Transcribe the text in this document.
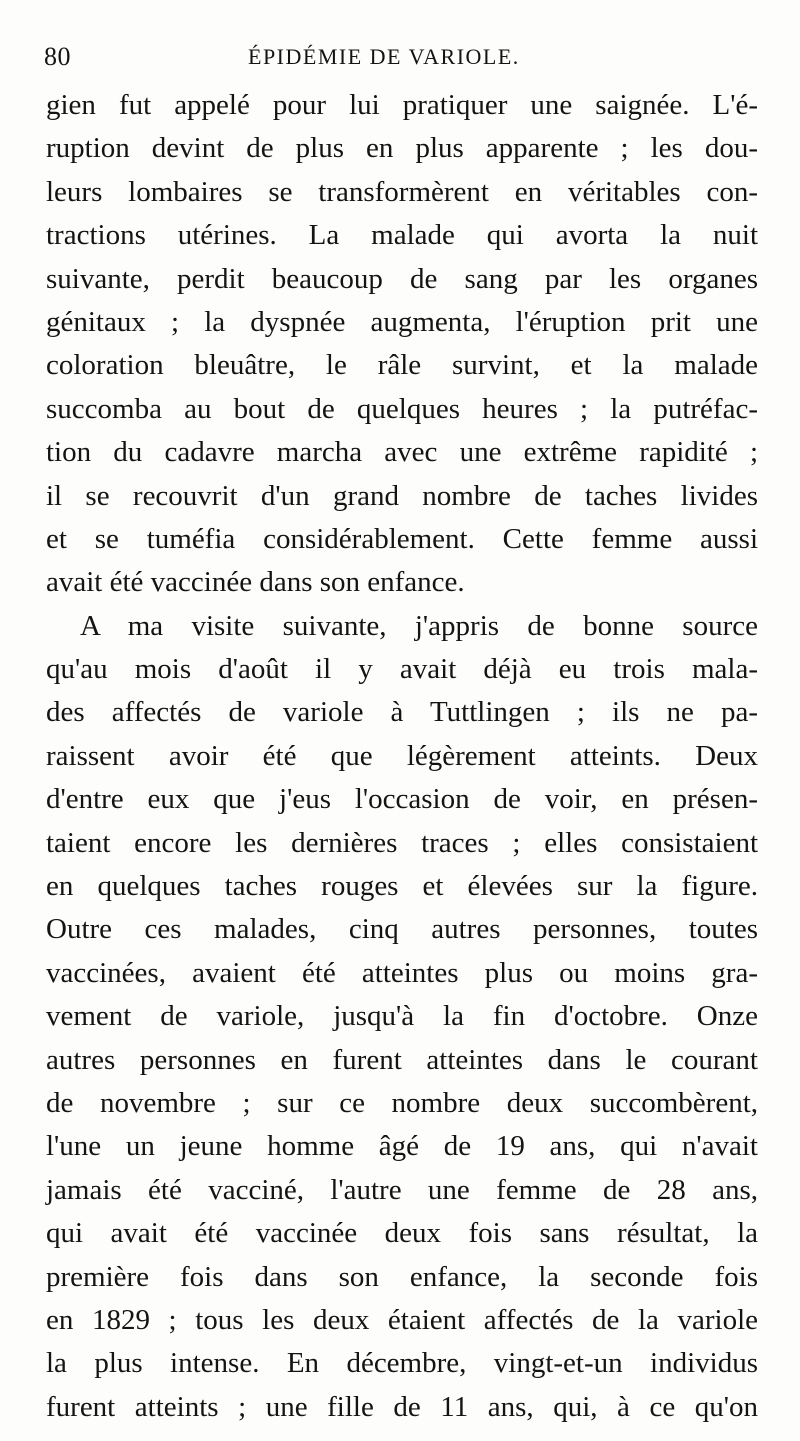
80	ÉPIDÉMIE DE VARIOLE.
gien fut appelé pour lui pratiquer une saignée. L'é-
ruption devint de plus en plus apparente ; les dou-
leurs lombaires se transformèrent en véritables con-
tractions utérines. La malade qui avorta la nuit
suivante, perdit beaucoup de sang par les organes
génitaux ; la dyspnée augmenta, l'éruption prit une
coloration bleuâtre, le râle survint, et la malade
succomba au bout de quelques heures ; la putréfac-
tion du cadavre marcha avec une extrême rapidité ;
il se recouvrit d'un grand nombre de taches livides
et se tuméfia considérablement. Cette femme aussi
avait été vaccinée dans son enfance.
A ma visite suivante, j'appris de bonne source
qu'au mois d'août il y avait déjà eu trois mala-
des affectés de variole à Tuttlingen ; ils ne pa-
raissent avoir été que légèrement atteints. Deux
d'entre eux que j'eus l'occasion de voir, en présen-
taient encore les dernières traces ; elles consistaient
en quelques taches rouges et élevées sur la figure.
Outre ces malades, cinq autres personnes, toutes
vaccinées, avaient été atteintes plus ou moins gra-
vement de variole, jusqu'à la fin d'octobre. Onze
autres personnes en furent atteintes dans le courant
de novembre ; sur ce nombre deux succombèrent,
l'une un jeune homme âgé de 19 ans, qui n'avait
jamais été vacciné, l'autre une femme de 28 ans,
qui avait été vaccinée deux fois sans résultat, la
première fois dans son enfance, la seconde fois
en 1829 ; tous les deux étaient affectés de la variole
la plus intense. En décembre, vingt-et-un individus
furent atteints ; une fille de 11 ans, qui, à ce qu'on
